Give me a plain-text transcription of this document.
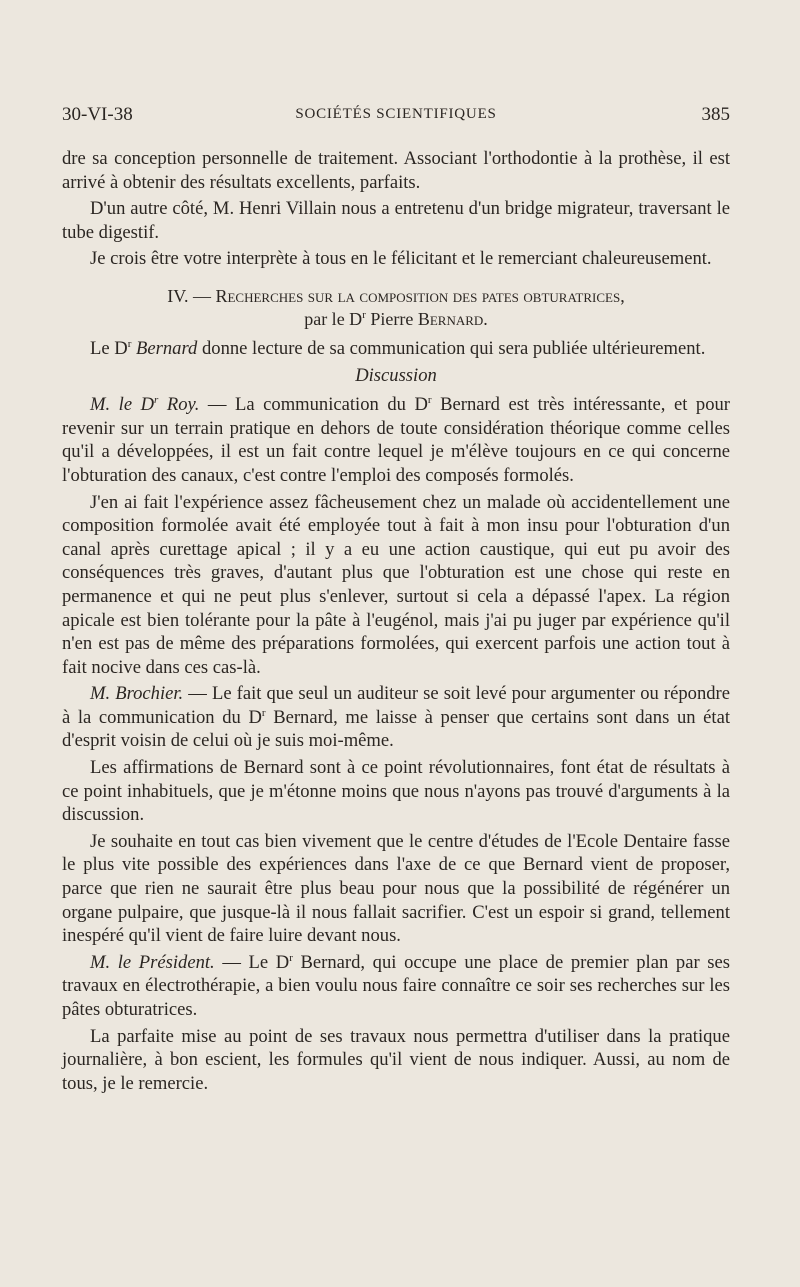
30-VI-38	SOCIÉTÉS SCIENTIFIQUES	385

dre sa conception personnelle de traitement. Associant l'orthodontie à la prothèse, il est arrivé à obtenir des résultats excellents, parfaits.

D'un autre côté, M. Henri Villain nous a entretenu d'un bridge migrateur, traversant le tube digestif.

Je crois être votre interprète à tous en le félicitant et le remerciant chaleureusement.

IV. — Recherches sur la composition des pates obturatrices,
par le $D^r$ Pierre Bernard.

Le $D^r$ Bernard donne lecture de sa communication qui sera publiée ultérieurement.

Discussion

M. le $D^r$ Roy. — La communication du $D^r$ Bernard est très intéressante, et pour revenir sur un terrain pratique en dehors de toute considération théorique comme celles qu'il a développées, il est un fait contre lequel je m'élève toujours en ce qui concerne l'obturation des canaux, c'est contre l'emploi des composés formolés.

J'en ai fait l'expérience assez fâcheusement chez un malade où accidentellement une composition formolée avait été employée tout à fait à mon insu pour l'obturation d'un canal après curettage apical ; il y a eu une action caustique, qui eut pu avoir des conséquences très graves, d'autant plus que l'obturation est une chose qui reste en permanence et qui ne peut plus s'enlever, surtout si cela a dépassé l'apex. La région apicale est bien tolérante pour la pâte à l'eugénol, mais j'ai pu juger par expérience qu'il n'en est pas de même des préparations formolées, qui exercent parfois une action tout à fait nocive dans ces cas-là.

M. Brochier. — Le fait que seul un auditeur se soit levé pour argumenter ou répondre à la communication du $D^r$ Bernard, me laisse à penser que certains sont dans un état d'esprit voisin de celui où je suis moi-même.

Les affirmations de Bernard sont à ce point révolutionnaires, font état de résultats à ce point inhabituels, que je m'étonne moins que nous n'ayons pas trouvé d'arguments à la discussion.

Je souhaite en tout cas bien vivement que le centre d'études de l'Ecole Dentaire fasse le plus vite possible des expériences dans l'axe de ce que Bernard vient de proposer, parce que rien ne saurait être plus beau pour nous que la possibilité de régénérer un organe pulpaire, que jusque-là il nous fallait sacrifier. C'est un espoir si grand, tellement inespéré qu'il vient de faire luire devant nous.

M. le Président. — Le $D^r$ Bernard, qui occupe une place de premier plan par ses travaux en électrothérapie, a bien voulu nous faire connaître ce soir ses recherches sur les pâtes obturatrices.

La parfaite mise au point de ses travaux nous permettra d'utiliser dans la pratique journalière, à bon escient, les formules qu'il vient de nous indiquer. Aussi, au nom de tous, je le remercie.
